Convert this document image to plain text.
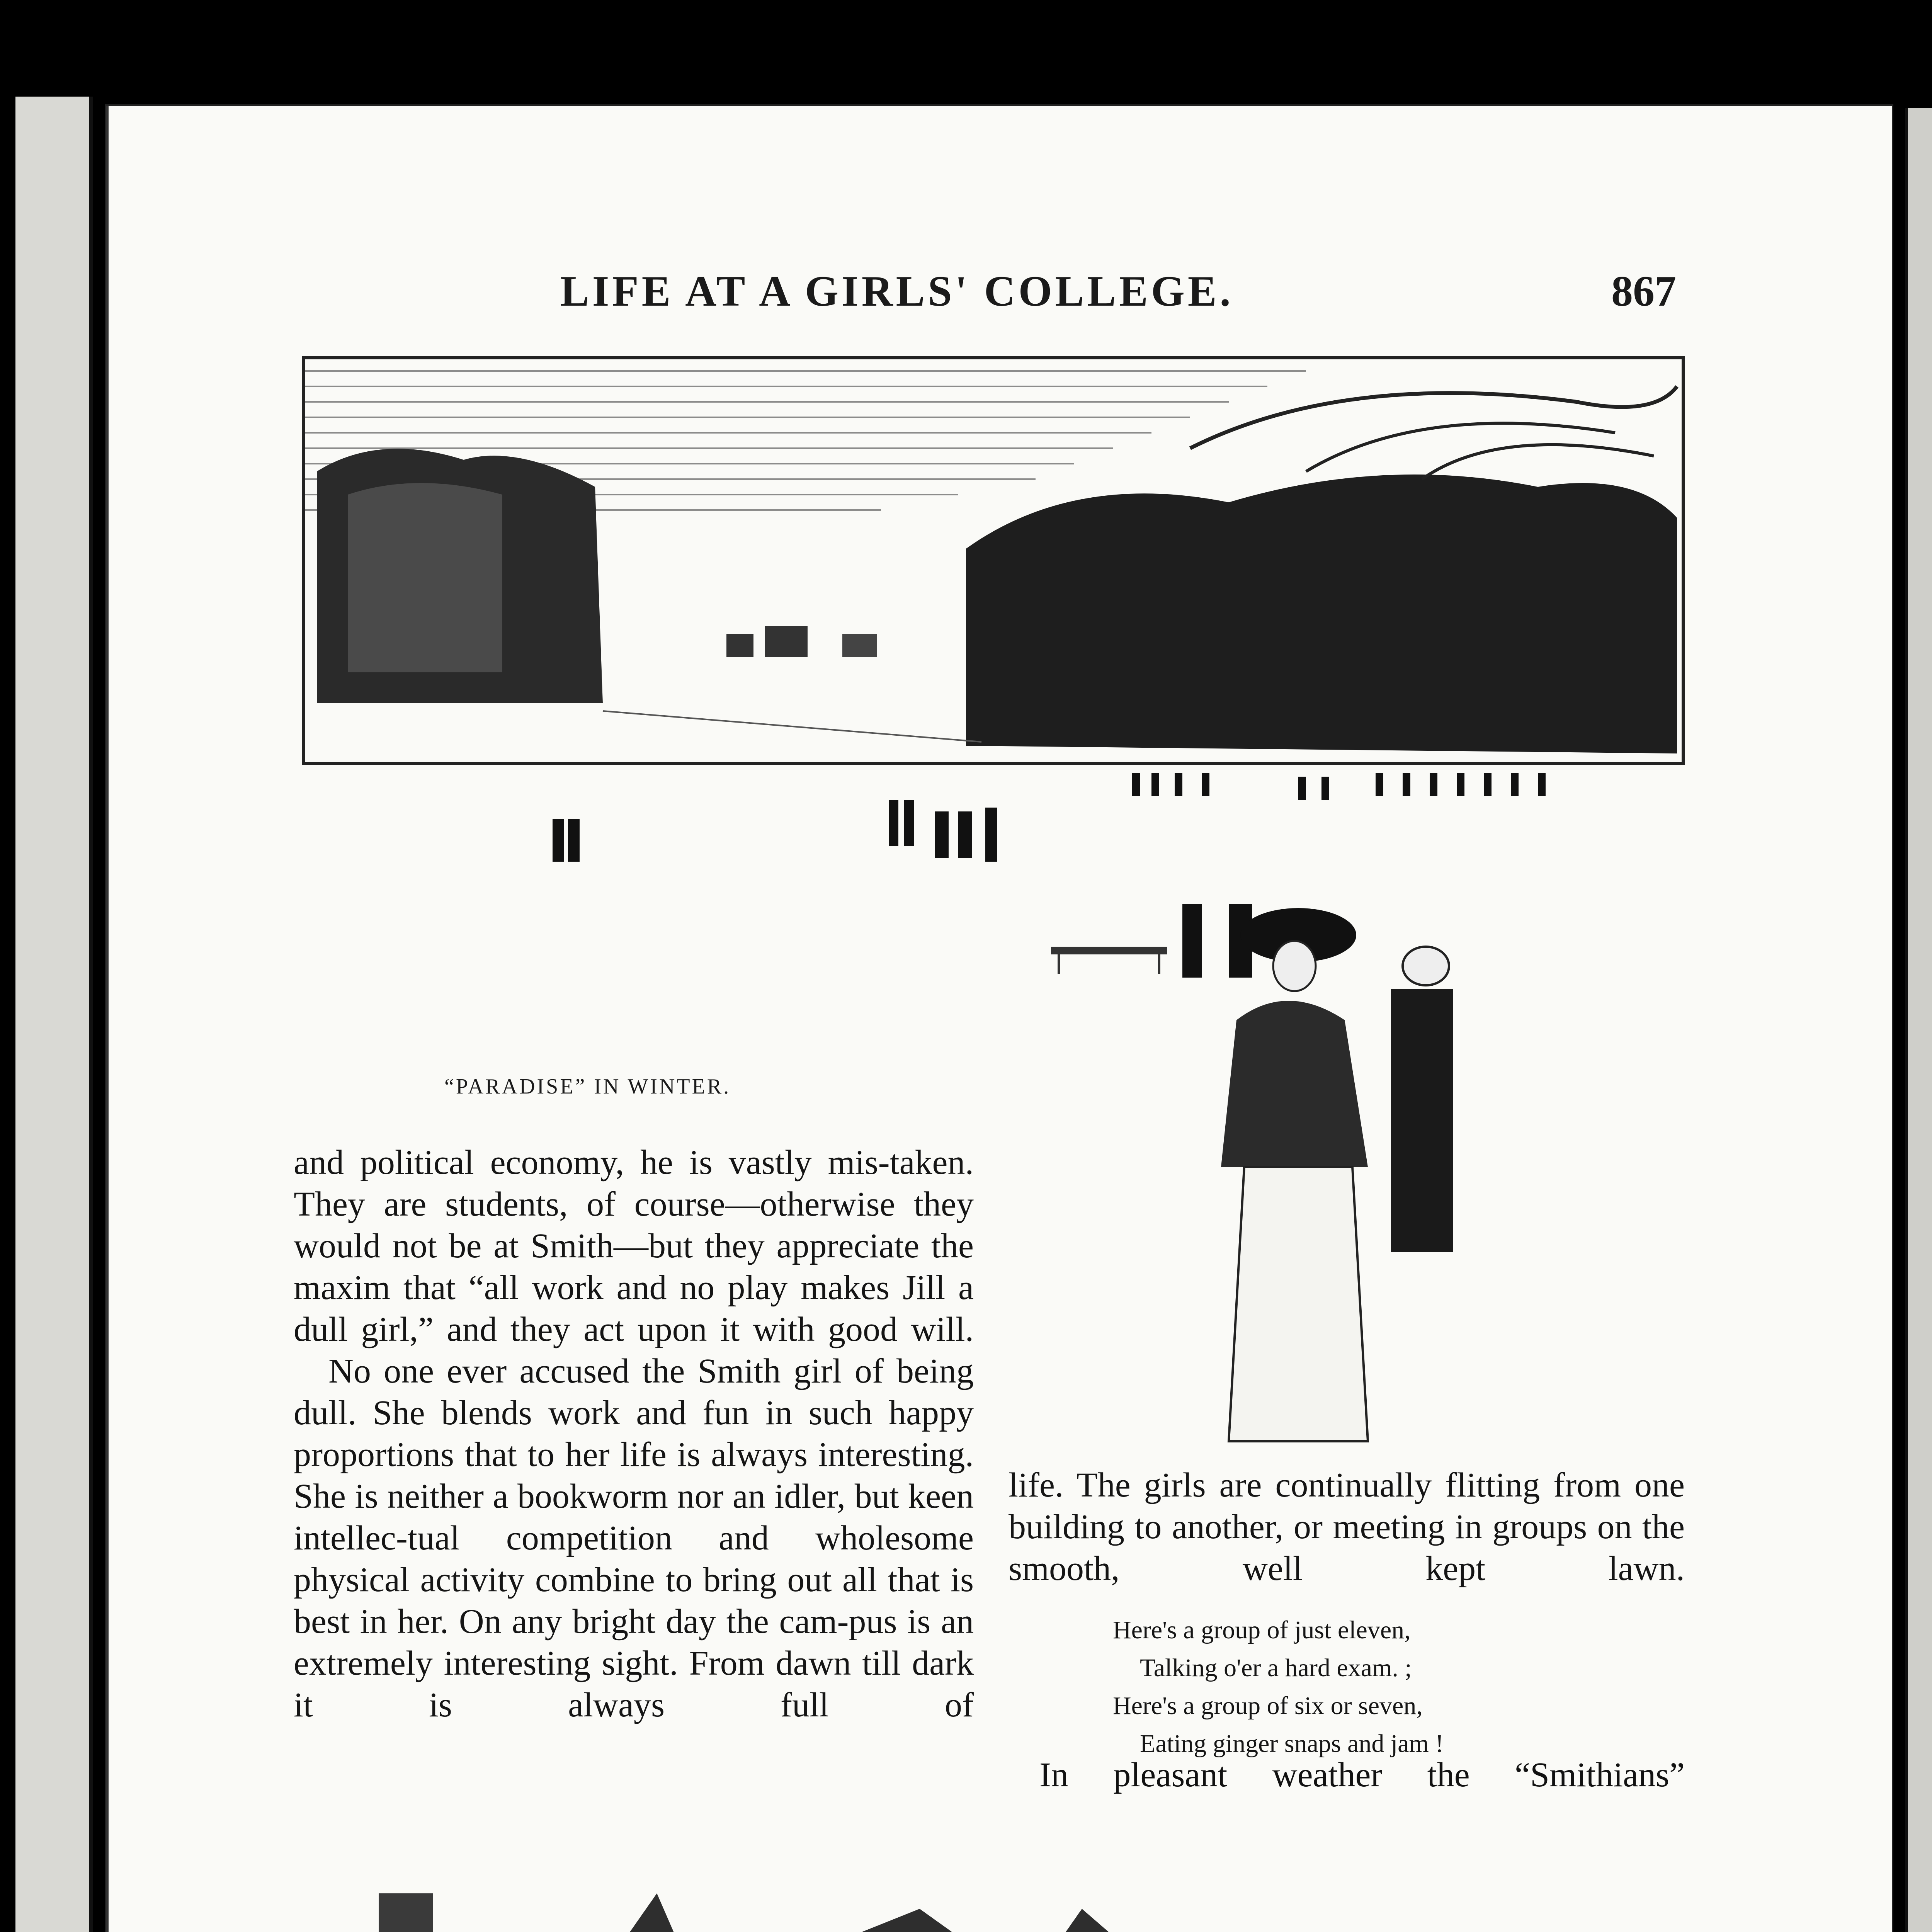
LIFE AT A GIRLS' COLLEGE.	867
“PARADISE” IN WINTER.

and political economy, he is vastly mis-taken. They are students, of course—otherwise they would not be at Smith—but they appreciate the maxim that “all work and no play makes Jill a dull girl,” and they act upon it with good will.

No one ever accused the Smith girl of being dull. She blends work and fun in such happy proportions that to her life is always interesting. She is neither a bookworm nor an idler, but keen intellec-tual competition and wholesome physical activity combine to bring out all that is best in her. On any bright day the cam-pus is an extremely interesting sight. From dawn till dark it is always full of

life. The girls are continually flitting from one building to another, or meeting in groups on the smooth, well kept lawn.

Here's a group of just eleven,
Talking o'er a hard exam. ;
Here's a group of six or seven,
Eating ginger snaps and jam !
In pleasant weather the “Smithians”
